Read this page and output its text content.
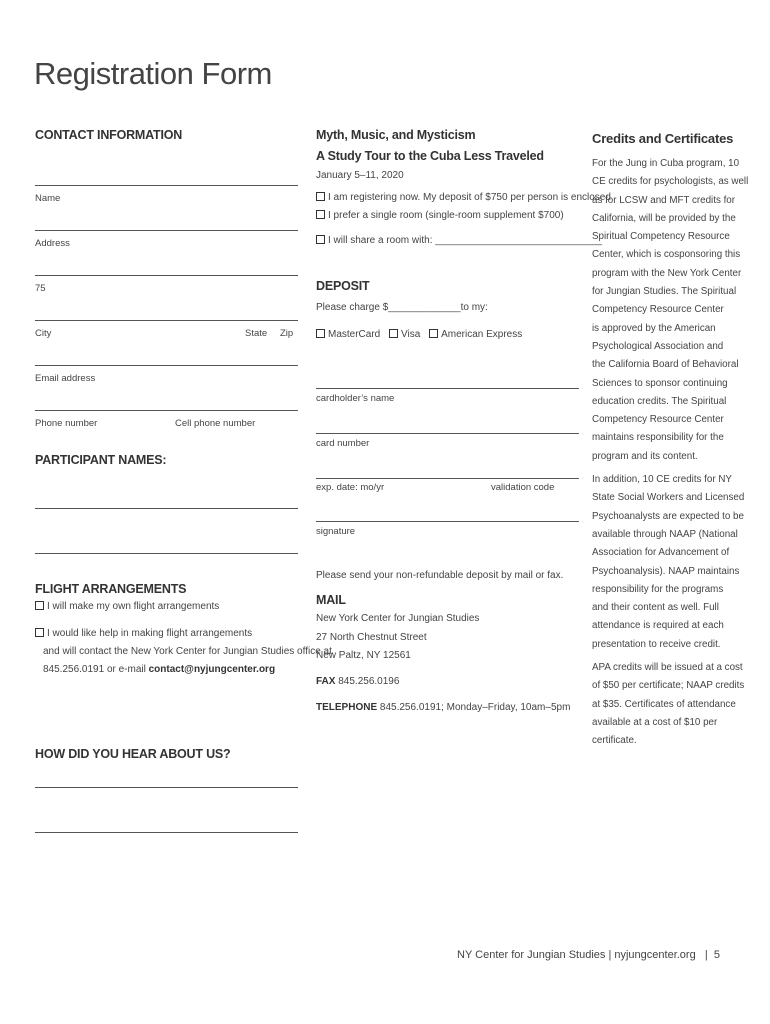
Registration Form
CONTACT INFORMATION
Name
Address
75
City	State Zip
Email address
Phone number	Cell phone number
PARTICIPANT NAMES:
FLIGHT ARRANGEMENTS
I will make my own flight arrangements
I would like help in making flight arrangements
and will contact the New York Center for Jungian Studies office at
845.256.0191 or e-mail contact@nyjungcenter.org
HOW DID YOU HEAR ABOUT US?
Myth, Music, and Mysticism
A Study Tour to the Cuba Less Traveled
January 5–11, 2020
I am registering now. My deposit of $750 per person is enclosed
I prefer a single room (single-room supplement $700)
I will share a room with: ______________________________
DEPOSIT
Please charge $_____________to my:
MasterCard Visa American Express
cardholder’s name
card number
exp. date: mo/yr	validation code
signature
Please send your non-refundable deposit by mail or fax.
MAIL
New York Center for Jungian Studies
27 North Chestnut Street
New Paltz, NY 12561
FAX 845.256.0196
TELEPHONE 845.256.0191; Monday–Friday, 10am–5pm
Credits and Certificates

For the Jung in Cuba program, 10
CE credits for psychologists, as well
as for LCSW and MFT credits for
California, will be provided by the
Spiritual Competency Resource
Center, which is cosponsoring this
program with the New York Center
for Jungian Studies. The Spiritual
Competency Resource Center
is approved by the American
Psychological Association and
the California Board of Behavioral
Sciences to sponsor continuing
education credits. The Spiritual
Competency Resource Center
maintains responsibility for the
program and its content.

In addition, 10 CE credits for NY
State Social Workers and Licensed
Psychoanalysts are expected to be
available through NAAP (National
Association for Advancement of
Psychoanalysis). NAAP maintains
responsibility for the programs
and their content as well. Full
attendance is required at each
presentation to receive credit.

APA credits will be issued at a cost
of $50 per certificate; NAAP credits
at $35. Certificates of attendance
available at a cost of $10 per
certificate.

NY Center for Jungian Studies | nyjungcenter.org   |  5
